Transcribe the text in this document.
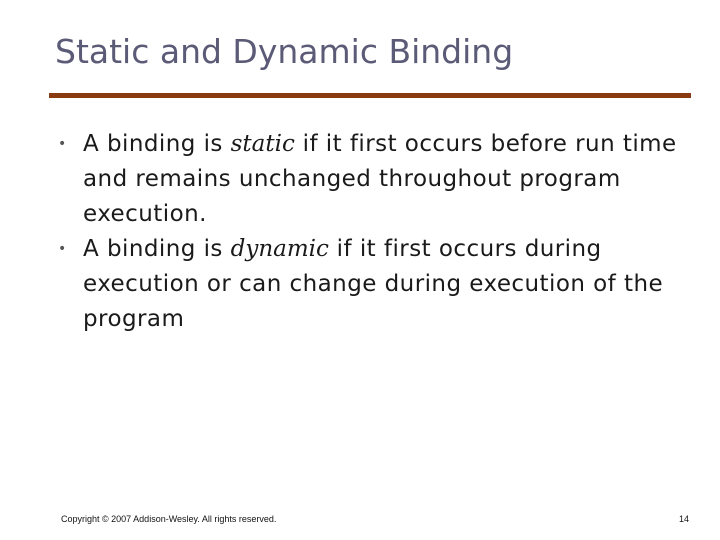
Static and Dynamic Binding
• A binding is static if it first occurs before run time and remains unchanged throughout program execution.
• A binding is dynamic if it first occurs during execution or can change during execution of the program
Copyright © 2007 Addison-Wesley. All rights reserved.	14
